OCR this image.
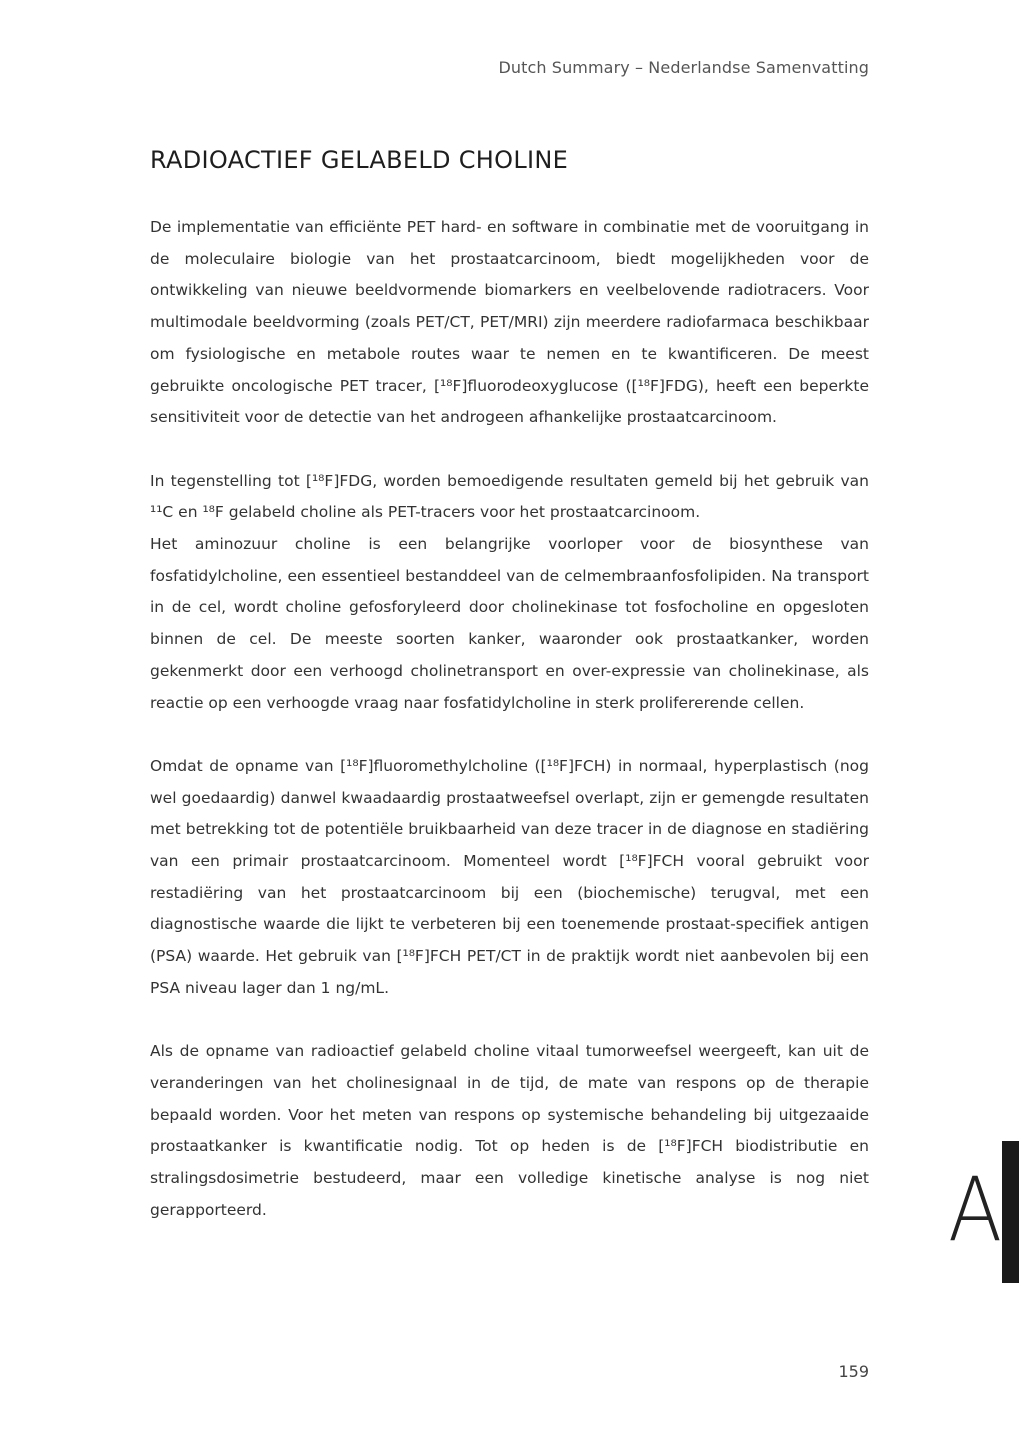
Dutch Summary – Nederlandse Samenvatting
RADIOACTIEF GELABELD CHOLINE

De implementatie van efficiënte PET hard- en software in combinatie met de vooruitgang in de moleculaire biologie van het prostaatcarcinoom, biedt mogelijkheden voor de ontwikkeling van nieuwe beeldvormende biomarkers en veelbelovende radiotracers. Voor multimodale beeldvorming (zoals PET/CT, PET/MRI) zijn meerdere radiofarmaca beschikbaar om fysiologische en metabole routes waar te nemen en te kwantificeren. De meest gebruikte oncologische PET tracer, [¹⁸F]fluorodeoxyglucose ([¹⁸F]FDG), heeft een beperkte sensitiviteit voor de detectie van het androgeen afhankelijke prostaatcarcinoom.

In tegenstelling tot [¹⁸F]FDG, worden bemoedigende resultaten gemeld bij het gebruik van ¹¹C en ¹⁸F gelabeld choline als PET-tracers voor het prostaatcarcinoom.

Het aminozuur choline is een belangrijke voorloper voor de biosynthese van fosfatidylcholine, een essentieel bestanddeel van de celmembraanfosfolipiden. Na transport in de cel, wordt choline gefosforyleerd door cholinekinase tot fosfocholine en opgesloten binnen de cel. De meeste soorten kanker, waaronder ook prostaatkanker, worden gekenmerkt door een verhoogd cholinetransport en over-expressie van cholinekinase, als reactie op een verhoogde vraag naar fosfatidylcholine in sterk prolifererende cellen.

Omdat de opname van [¹⁸F]fluoromethylcholine ([¹⁸F]FCH) in normaal, hyperplastisch (nog wel goedaardig) danwel kwaadaardig prostaatweefsel overlapt, zijn er gemengde resultaten met betrekking tot de potentiële bruikbaarheid van deze tracer in de diagnose en stadiëring van een primair prostaatcarcinoom. Momenteel wordt [¹⁸F]FCH vooral gebruikt voor restadiëring van het prostaatcarcinoom bij een (biochemische) terugval, met een diagnostische waarde die lijkt te verbeteren bij een toenemende prostaat-specifiek antigen (PSA) waarde. Het gebruik van [¹⁸F]FCH PET/CT in de praktijk wordt niet aanbevolen bij een PSA niveau lager dan 1 ng/mL.

Als de opname van radioactief gelabeld choline vitaal tumorweefsel weergeeft, kan uit de veranderingen van het cholinesignaal in de tijd, de mate van respons op de therapie bepaald worden. Voor het meten van respons op systemische behandeling bij uitgezaaide prostaatkanker is kwantificatie nodig. Tot op heden is de [¹⁸F]FCH biodistributie en stralingsdosimetrie bestudeerd, maar een volledige kinetische analyse is nog niet gerapporteerd.	A
159
